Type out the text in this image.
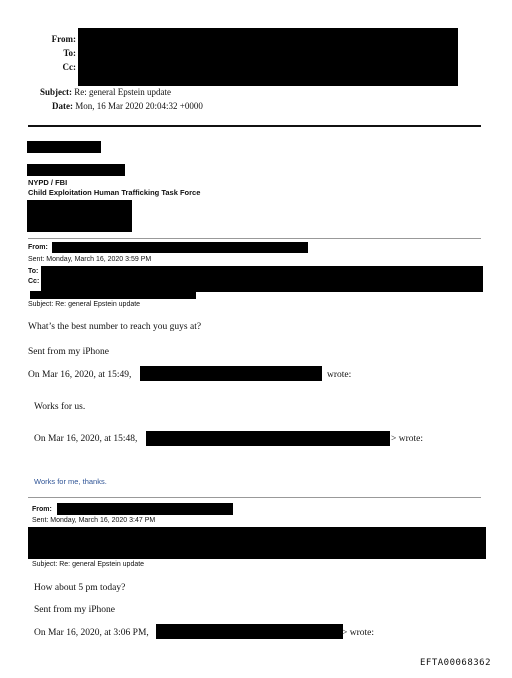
From:
To:
Cc:
Subject: Re: general Epstein update
Date: Mon, 16 Mar 2020 20:04:32 +0000
NYPD / FBI
Child Exploitation Human Trafficking Task Force
From:
Sent: Monday, March 16, 2020 3:59 PM
To:
Cc:
Subject: Re: general Epstein update
What’s the best number to reach you guys at?
Sent from my iPhone
On Mar 16, 2020, at 15:49,	wrote:
Works for us.
On Mar 16, 2020, at 15:48,	> wrote:
Works for me, thanks.
From:
Sent: Monday, March 16, 2020 3:47 PM
Subject: Re: general Epstein update
How about 5 pm today?
Sent from my iPhone
On Mar 16, 2020, at 3:06 PM,	> wrote:
EFTA00068362
